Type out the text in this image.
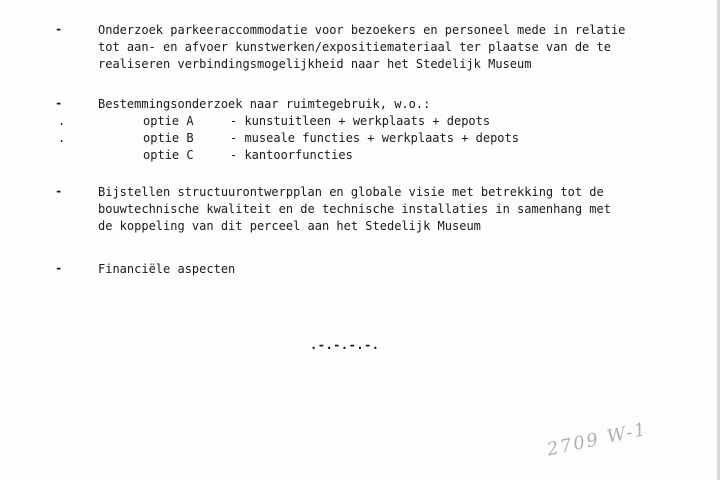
-	Onderzoek parkeeraccommodatie voor bezoekers en personeel mede in relatie
tot aan- en afvoer kunstwerken/expositiemateriaal ter plaatse van de te
realiseren verbindingsmogelijkheid naar het Stedelijk Museum
-	Bestemmingsonderzoek naar ruimtegebruik, w.o.:
.	optie A	- kunstuitleen + werkplaats + depots
.	optie B	- museale functies + werkplaats + depots
optie C	- kantoorfuncties
-	Bijstellen structuurontwerpplan en globale visie met betrekking tot de
bouwtechnische kwaliteit en de technische installaties in samenhang met
de koppeling van dit perceel aan het Stedelijk Museum
-	Financiële aspecten
.-.-.-.-.
2709 W-1
